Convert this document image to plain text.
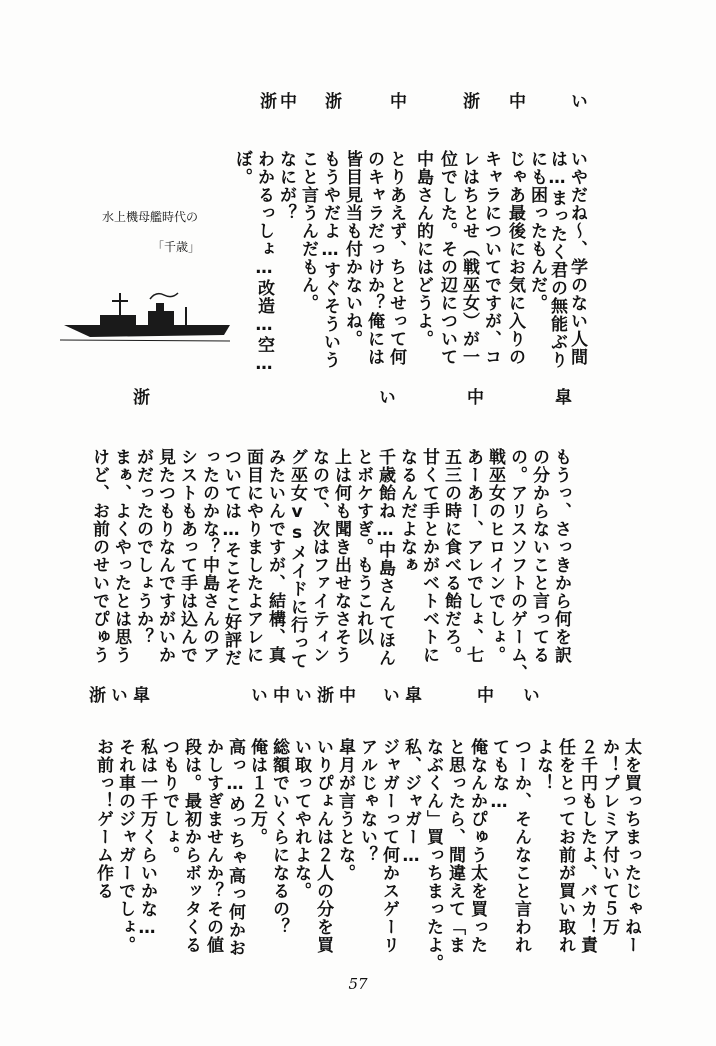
い
中
浙
中
浙
中
浙
いやだね～、学のない人間
は…まったく君の無能ぶり
にも困ったもんだ。
じゃあ最後にお気に入りの
キャラについてですが、コ
レはちとせ（戦巫女）が一
位でした。その辺について
中島さん的にはどうよ。
とりあえず、ちとせって何
のキャラだっけか？俺には
皆目見当も付かないね。
もうやだよ…すぐそういう
こと言うんだもん。
なにが？
わかるっしょ…改造…空…
ぼ。
水上機母艦時代の
「千歳」
皐
中
い
浙
もうっ、さっきから何を訳
の分からないこと言ってる
の。アリスソフトのゲーム、
戦巫女のヒロインでしょ。
あーあー、アレでしょ、七
五三の時に食べる飴だろ。
甘くて手とかがベトベトに
なるんだよなぁ
千歳飴ね…中島さんてほん
とボケすぎ。もうこれ以
上は何も聞き出せなさそう
なので、次はファイティン
グ巫女vsメイドに行って
みたいんですが、結構、真
面目にやりましたよアレに
ついては…そこそこ好評だ
ったのかな？中島さんのア
シストもあって手は込んで
見たつもりなんですがいか
がだったのでしょうか？
まぁ、よくやったとは思う
けど、お前のせいでぴゅう
い
中
皐
い
中
浙
い
中
い
皐
い
浙
太を買っちまったじゃねー
か！プレミア付いて５万
２千円もしたよ、バカ！責
任をとってお前が買い取れ
よな！
つーか、そんなこと言われ
てもな…
俺なんかぴゅう太を買った
と思ったら、間違えて「ま
なぶくん」買っちまったよ。
私、ジャガー…
ジャガーって何かスゲーリ
アルじゃない？
皐月が言うとな。
いりぴょんは２人の分を買
い取ってやれよな。
総額でいくらになるの？
俺は１２万。
高っ…めっちゃ高っ何かお
かしすぎませんか？その値
段は。最初からボッタくる
つもりでしょ。
私は一千万くらいかな…
それ車のジャガーでしょ。
お前っ！ゲーム作る
57
